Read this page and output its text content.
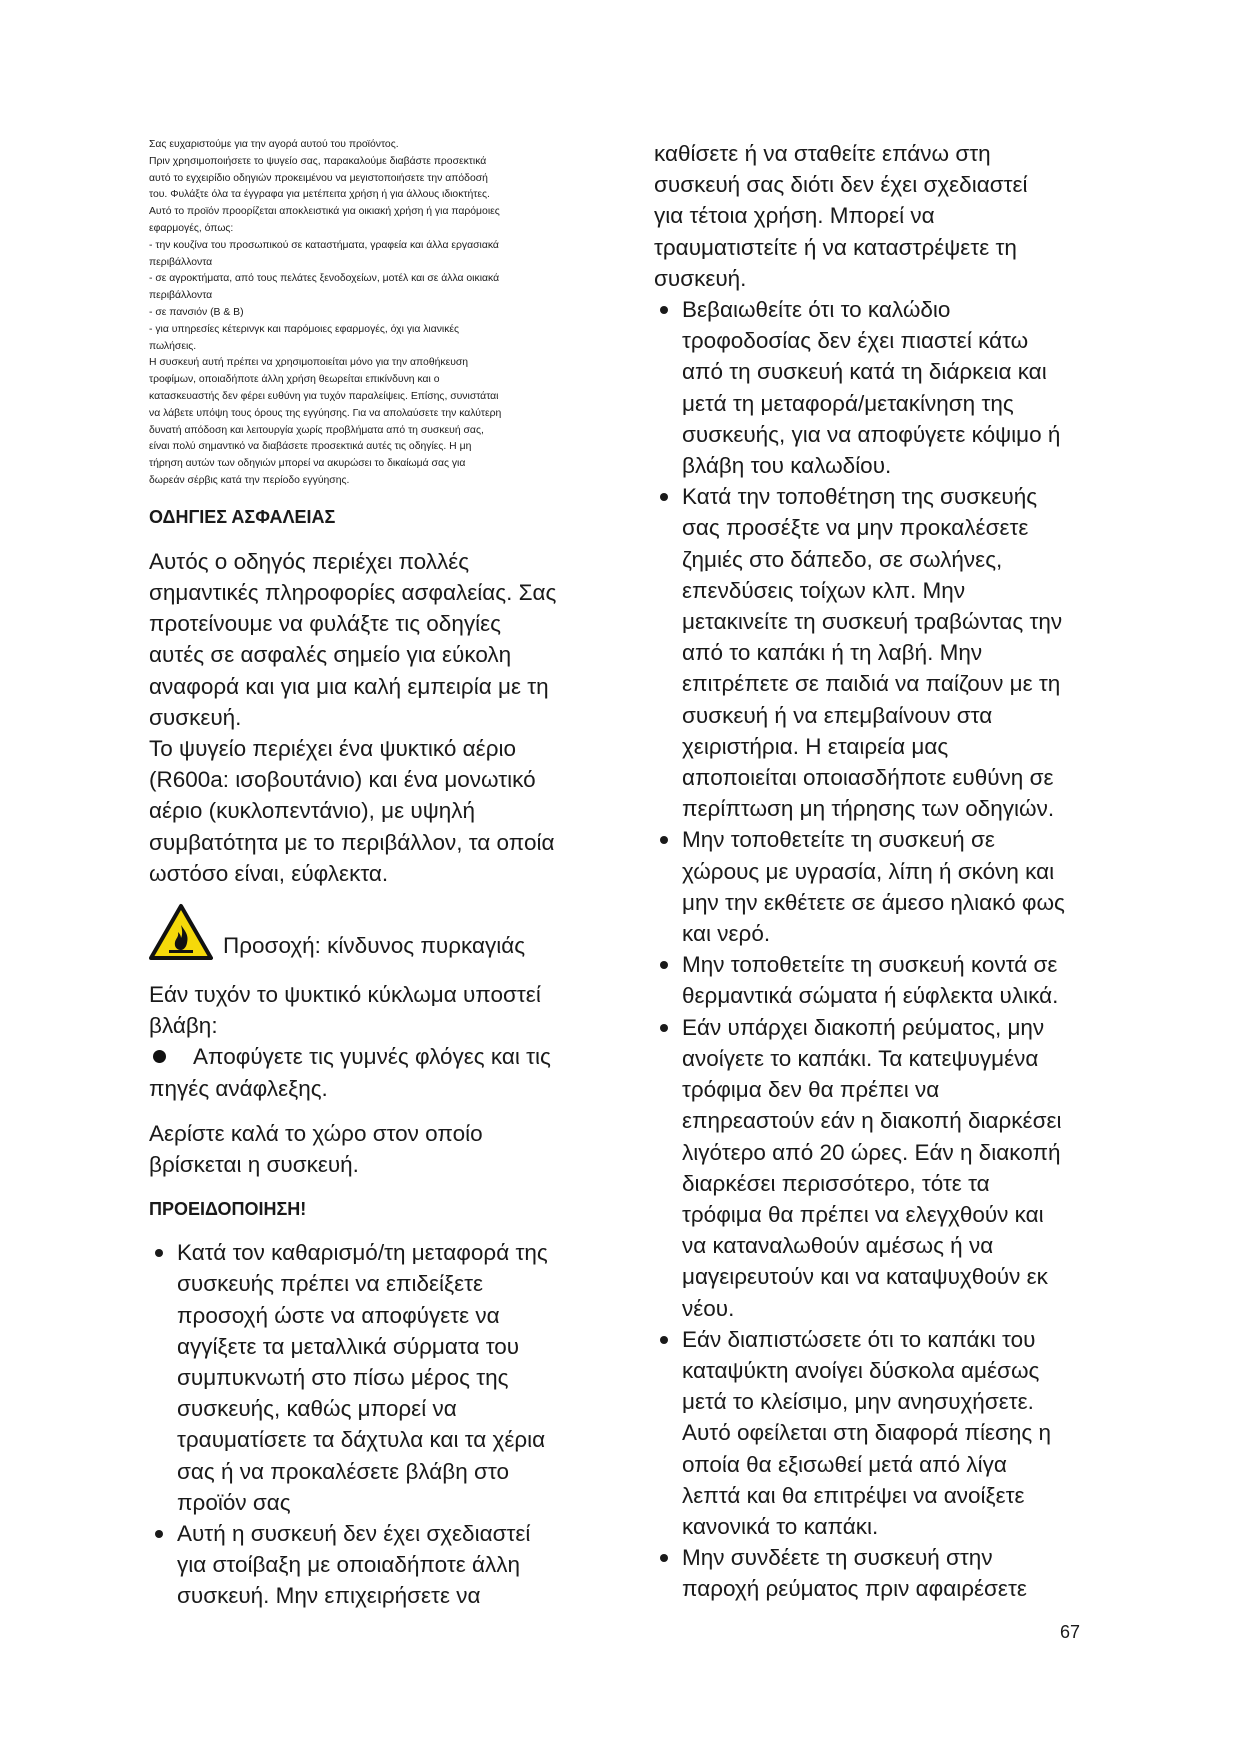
Σας ευχαριστούμε για την αγορά αυτού του προϊόντος.

Πριν χρησιμοποιήσετε το ψυγείο σας, παρακαλούμε διαβάστε προσεκτικά

αυτό το εγχειρίδιο οδηγιών προκειμένου να μεγιστοποιήσετε την απόδοσή

του. Φυλάξτε όλα τα έγγραφα για μετέπειτα χρήση ή για άλλους ιδιοκτήτες.

Αυτό το προϊόν προορίζεται αποκλειστικά για οικιακή χρήση ή για παρόμοιες

εφαρμογές, όπως:

- την κουζίνα του προσωπικού σε καταστήματα, γραφεία και άλλα εργασιακά

περιβάλλοντα

- σε αγροκτήματα, από τους πελάτες ξενοδοχείων, μοτέλ και σε άλλα οικιακά

περιβάλλοντα

- σε πανσιόν (B & B)

- για υπηρεσίες κέτερινγκ και παρόμοιες εφαρμογές, όχι για λιανικές

πωλήσεις.

Η συσκευή αυτή πρέπει να χρησιμοποιείται μόνο για την αποθήκευση

τροφίμων, οποιαδήποτε άλλη χρήση θεωρείται επικίνδυνη και ο

κατασκευαστής δεν φέρει ευθύνη για τυχόν παραλείψεις. Επίσης, συνιστάται

να λάβετε υπόψη τους όρους της εγγύησης. Για να απολαύσετε την καλύτερη

δυνατή απόδοση και λειτουργία χωρίς προβλήματα από τη συσκευή σας,

είναι πολύ σημαντικό να διαβάσετε προσεκτικά αυτές τις οδηγίες. Η μη

τήρηση αυτών των οδηγιών μπορεί να ακυρώσει το δικαίωμά σας για

δωρεάν σέρβις κατά την περίοδο εγγύησης.

ΟΔΗΓΙΕΣ ΑΣΦΑΛΕΙΑΣ

Αυτός ο οδηγός περιέχει πολλές

σημαντικές πληροφορίες ασφαλείας. Σας

προτείνουμε να φυλάξτε τις οδηγίες

αυτές σε ασφαλές σημείο για εύκολη

αναφορά και για μια καλή εμπειρία με τη

συσκευή.

Το ψυγείο περιέχει ένα ψυκτικό αέριο

(R600a: ισοβουτάνιο) και ένα μονωτικό

αέριο (κυκλοπεντάνιο), με υψηλή

συμβατότητα με το περιβάλλον, τα οποία

ωστόσο είναι, εύφλεκτα.

Προσοχή: κίνδυνος πυρκαγιάς

Εάν τυχόν το ψυκτικό κύκλωμα υποστεί

βλάβη:

Αποφύγετε τις γυμνές φλόγες και τις
πηγές ανάφλεξης.

Αερίστε καλά το χώρο στον οποίο

βρίσκεται η συσκευή.

ΠΡΟΕΙΔΟΠΟΙΗΣΗ!

Κατά τον καθαρισμό/τη μεταφορά της
συσκευής πρέπει να επιδείξετε
προσοχή ώστε να αποφύγετε να
αγγίξετε τα μεταλλικά σύρματα του
συμπυκνωτή στο πίσω μέρος της
συσκευής, καθώς μπορεί να
τραυματίσετε τα δάχτυλα και τα χέρια
σας ή να προκαλέσετε βλάβη στο
προϊόν σας
Αυτή η συσκευή δεν έχει σχεδιαστεί
για στοίβαξη με οποιαδήποτε άλλη
συσκευή. Μην επιχειρήσετε να

καθίσετε ή να σταθείτε επάνω στη

συσκευή σας διότι δεν έχει σχεδιαστεί

για τέτοια χρήση. Μπορεί να

τραυματιστείτε ή να καταστρέψετε τη

συσκευή.

Βεβαιωθείτε ότι το καλώδιο
τροφοδοσίας δεν έχει πιαστεί κάτω
από τη συσκευή κατά τη διάρκεια και
μετά τη μεταφορά/μετακίνηση της
συσκευής, για να αποφύγετε κόψιμο ή
βλάβη του καλωδίου.
Κατά την τοποθέτηση της συσκευής
σας προσέξτε να μην προκαλέσετε
ζημιές στο δάπεδο, σε σωλήνες,
επενδύσεις τοίχων κλπ. Μην
μετακινείτε τη συσκευή τραβώντας την
από το καπάκι ή τη λαβή. Μην
επιτρέπετε σε παιδιά να παίζουν με τη
συσκευή ή να επεμβαίνουν στα
χειριστήρια. Η εταιρεία μας
αποποιείται οποιασδήποτε ευθύνη σε
περίπτωση μη τήρησης των οδηγιών.
Μην τοποθετείτε τη συσκευή σε
χώρους με υγρασία, λίπη ή σκόνη και
μην την εκθέτετε σε άμεσο ηλιακό φως
και νερό.
Μην τοποθετείτε τη συσκευή κοντά σε
θερμαντικά σώματα ή εύφλεκτα υλικά.
Εάν υπάρχει διακοπή ρεύματος, μην
ανοίγετε το καπάκι. Τα κατεψυγμένα
τρόφιμα δεν θα πρέπει να
επηρεαστούν εάν η διακοπή διαρκέσει
λιγότερο από 20 ώρες. Εάν η διακοπή
διαρκέσει περισσότερο, τότε τα
τρόφιμα θα πρέπει να ελεγχθούν και
να καταναλωθούν αμέσως ή να
μαγειρευτούν και να καταψυχθούν εκ
νέου.
Εάν διαπιστώσετε ότι το καπάκι του
καταψύκτη ανοίγει δύσκολα αμέσως
μετά το κλείσιμο, μην ανησυχήσετε.
Αυτό οφείλεται στη διαφορά πίεσης η
οποία θα εξισωθεί μετά από λίγα
λεπτά και θα επιτρέψει να ανοίξετε
κανονικά το καπάκι.
Μην συνδέετε τη συσκευή στην
παροχή ρεύματος πριν αφαιρέσετε
67
